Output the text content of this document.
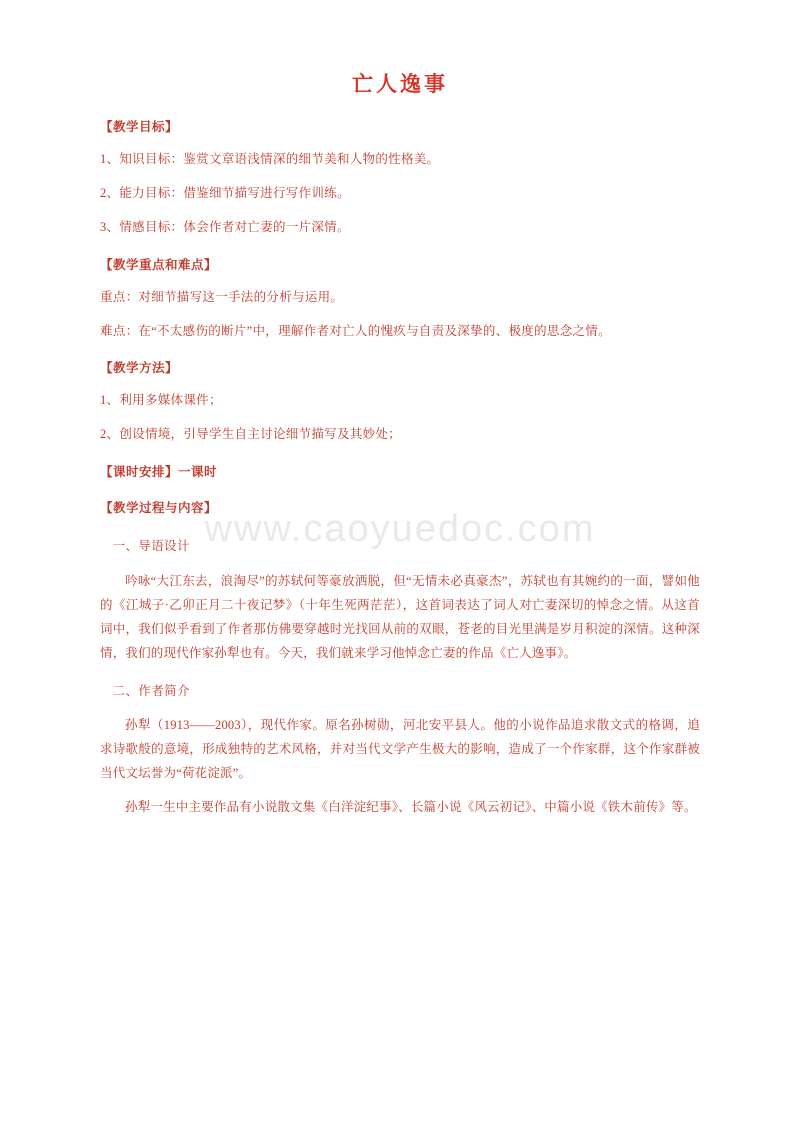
www.caoyuedoc.com
亡人逸事

【教学目标】

1、知识目标：鉴赏文章语浅情深的细节美和人物的性格美。

2、能力目标：借鉴细节描写进行写作训练。

3、情感目标：体会作者对亡妻的一片深情。

【教学重点和难点】

重点：对细节描写这一手法的分析与运用。

难点：在“不太感伤的断片”中，理解作者对亡人的愧疚与自责及深挚的、极度的思念之情。

【教学方法】

1、利用多媒体课件；

2、创设情境，引导学生自主讨论细节描写及其妙处；

【课时安排】一课时

【教学过程与内容】

一、导语设计

吟咏“大江东去，浪淘尽”的苏轼何等豪放洒脱，但“无情未必真豪杰”，苏轼也有其婉约的一面，譬如他的《江城子·乙卯正月二十夜记梦》（十年生死两茫茫），这首词表达了词人对亡妻深切的悼念之情。从这首词中，我们似乎看到了作者那仿佛要穿越时光找回从前的双眼，苍老的目光里满是岁月积淀的深情。这种深情，我们的现代作家孙犁也有。今天，我们就来学习他悼念亡妻的作品《亡人逸事》。

二、作者简介

孙犁（1913——2003），现代作家。原名孙树勋，河北安平县人。他的小说作品追求散文式的格调，追求诗歌般的意境，形成独特的艺术风格，并对当代文学产生极大的影响，造成了一个作家群，这个作家群被当代文坛誉为“荷花淀派”。

孙犁一生中主要作品有小说散文集《白洋淀纪事》、长篇小说《风云初记》、中篇小说《铁木前传》等。
